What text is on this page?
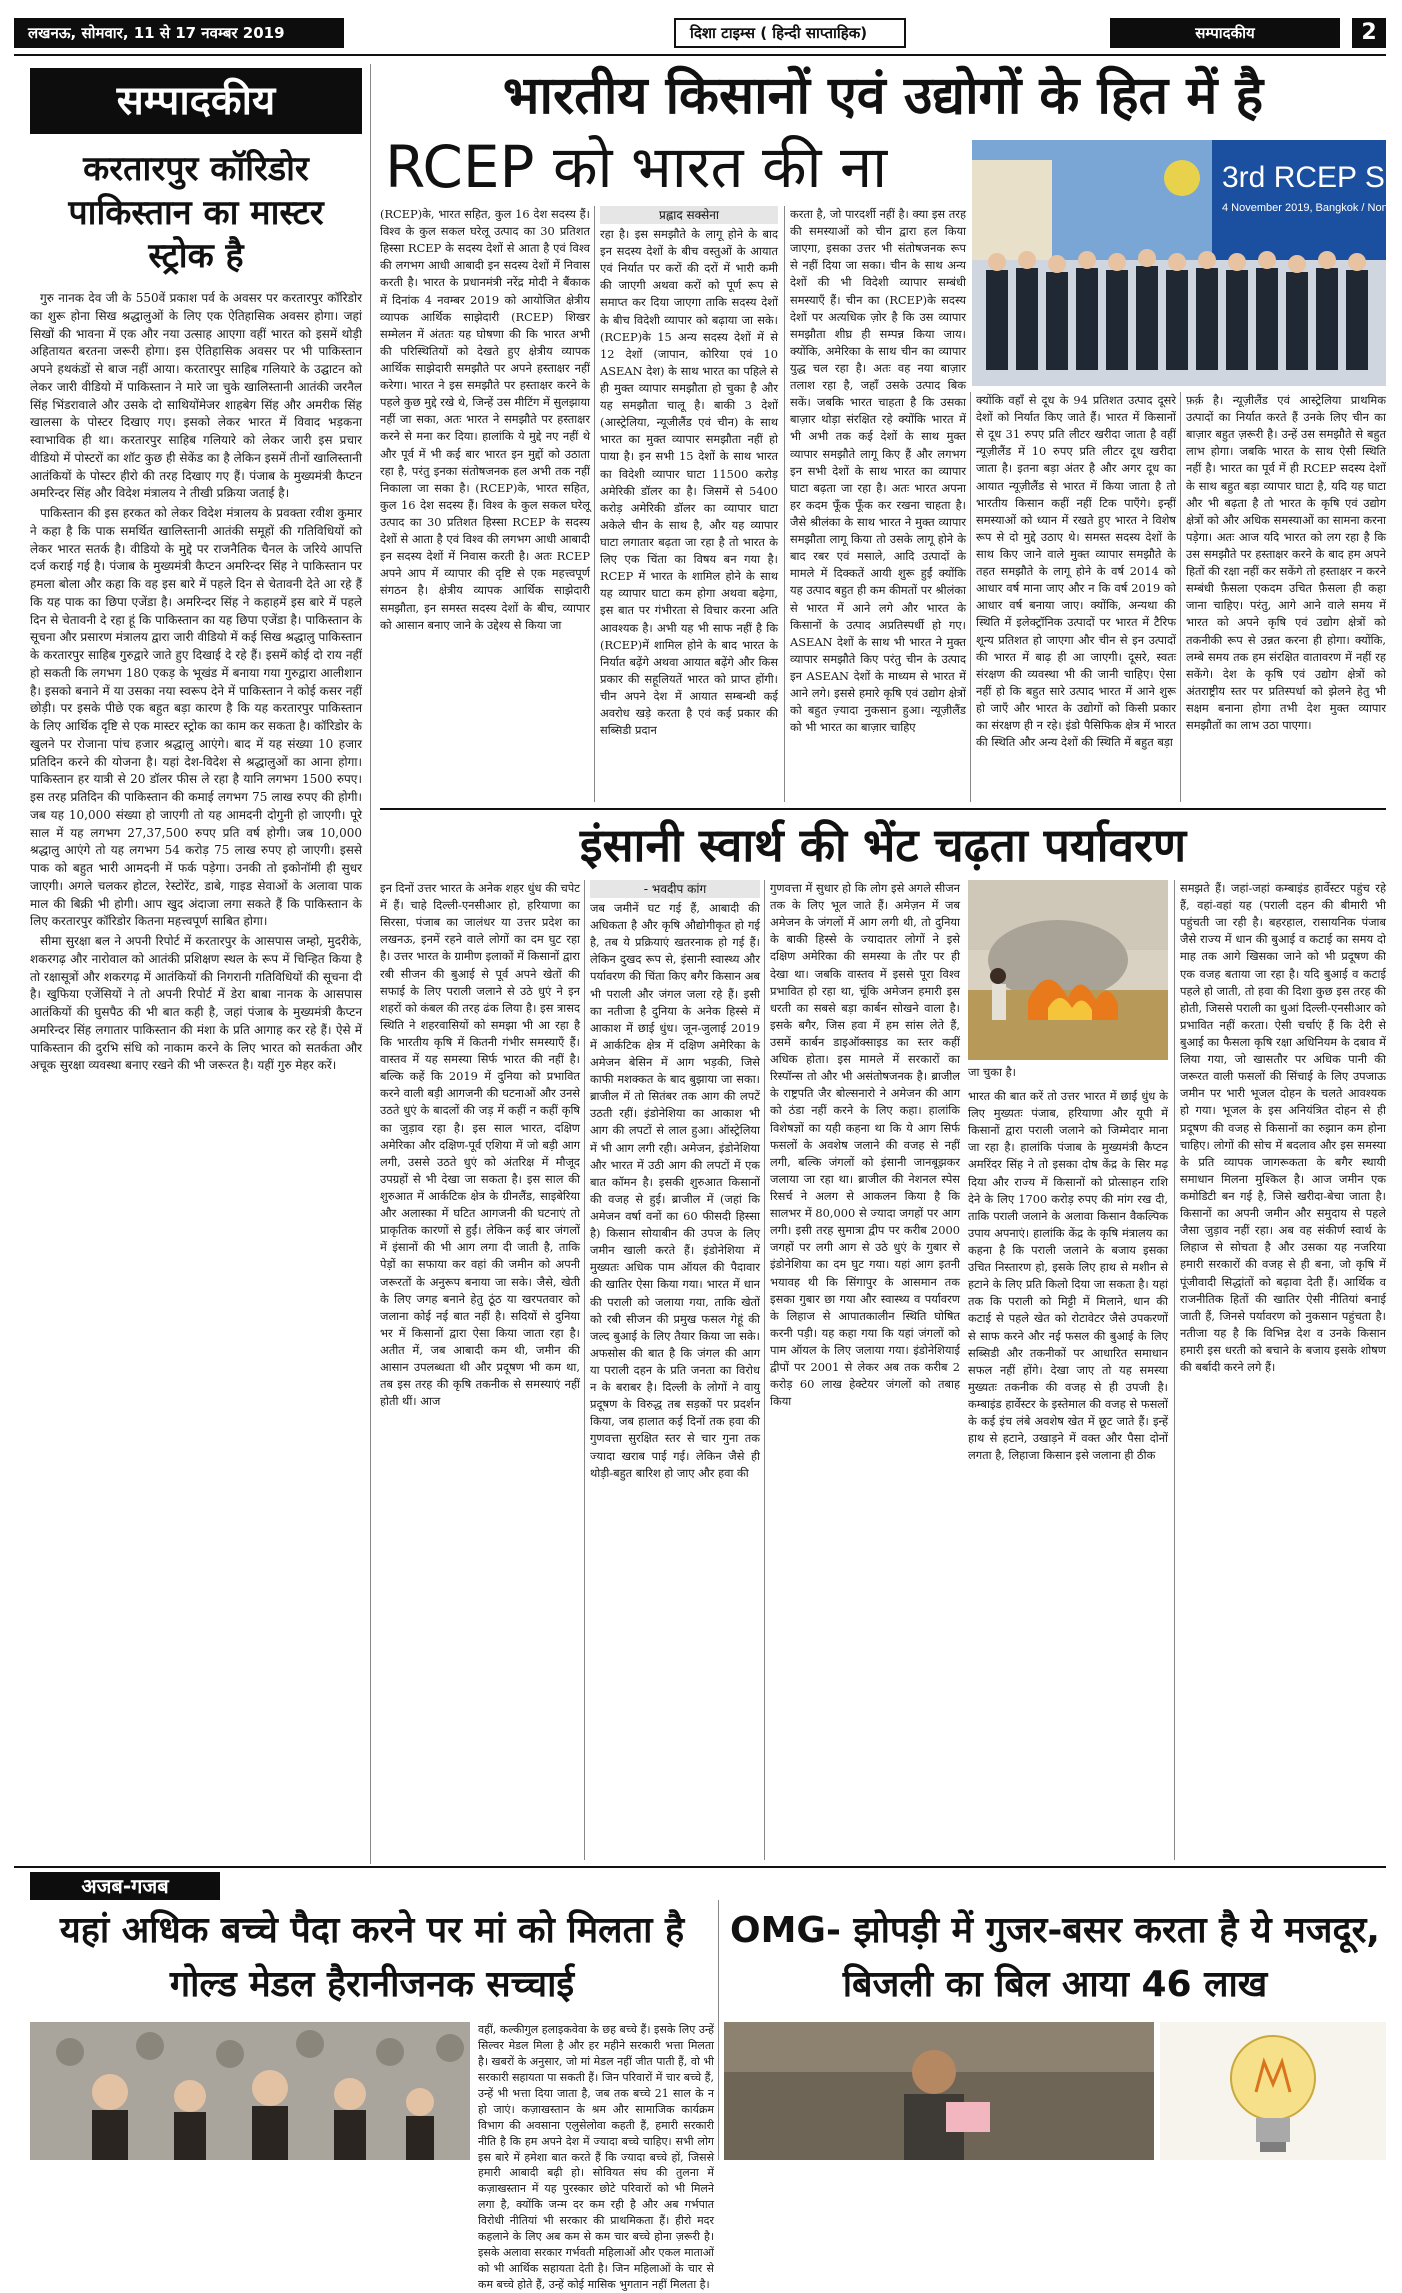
लखनऊ, सोमवार, 11 से 17 नवम्बर 2019	दिशा टाइम्स ( हिन्दी साप्ताहिक)	सम्पादकीय	2
सम्पादकीय
करतारपुर कॉरिडोर पाकिस्तान का मास्टर स्ट्रोक है

गुरु नानक देव जी के 550वें प्रकाश पर्व के अवसर पर करतारपुर कॉरिडोर का शुरू होना सिख श्रद्धालुओं के लिए एक ऐतिहासिक अवसर होगा। जहां सिखों की भावना में एक और नया उत्साह आएगा वहीं भारत को इसमें थोड़ी अहितायत बरतना जरूरी होगा। इस ऐतिहासिक अवसर पर भी पाकिस्तान अपने हथकंडों से बाज नहीं आया। करतारपुर साहिब गलियारे के उद्घाटन को लेकर जारी वीडियो में पाकिस्तान ने मारे जा चुके खालिस्तानी आतंकी जरनैल सिंह भिंडरावाले और उसके दो साथियोंमेजर शाहबेग सिंह और अमरीक सिंह खालसा के पोस्टर दिखाए गए। इसको लेकर भारत में विवाद भड़कना स्वाभाविक ही था। करतारपुर साहिब गलियारे को लेकर जारी इस प्रचार वीडियो में पोस्टरों का शॉट कुछ ही सेकेंड का है लेकिन इसमें तीनों खालिस्तानी आतंकियों के पोस्टर हीरो की तरह दिखाए गए हैं। पंजाब के मुख्यमंत्री कैप्टन अमरिन्दर सिंह और विदेश मंत्रालय ने तीखी प्रक्रिया जताई है।

पाकिस्तान की इस हरकत को लेकर विदेश मंत्रालय के प्रवक्ता रवीश कुमार ने कहा है कि पाक समर्थित खालिस्तानी आतंकी समूहों की गतिविधियों को लेकर भारत सतर्क है। वीडियो के मुद्दे पर राजनैतिक चैनल के जरिये आपत्ति दर्ज कराई गई है। पंजाब के मुख्यमंत्री कैप्टन अमरिन्दर सिंह ने पाकिस्तान पर हमला बोला और कहा कि वह इस बारे में पहले दिन से चेतावनी देते आ रहे हैं कि यह पाक का छिपा एजेंडा है। अमरिन्दर सिंह ने कहाहमें इस बारे में पहले दिन से चेतावनी दे रहा हूं कि पाकिस्तान का यह छिपा एजेंडा है। पाकिस्तान के सूचना और प्रसारण मंत्रालय द्वारा जारी वीडियो में कई सिख श्रद्धालु पाकिस्तान के करतारपुर साहिब गुरुद्वारे जाते हुए दिखाई दे रहे हैं। इसमें कोई दो राय नहीं हो सकती कि लगभग 180 एकड़ के भूखंड में बनाया गया गुरुद्वारा आलीशान है। इसको बनाने में या उसका नया स्वरूप देने में पाकिस्तान ने कोई कसर नहीं छोड़ी। पर इसके पीछे एक बहुत बड़ा कारण है कि यह करतारपुर पाकिस्तान के लिए आर्थिक दृष्टि से एक मास्टर स्ट्रोक का काम कर सकता है। कॉरिडोर के खुलने पर रोजाना पांच हजार श्रद्धालु आएंगे। बाद में यह संख्या 10 हजार प्रतिदिन करने की योजना है। यहां देश-विदेश से श्रद्धालुओं का आना होगा। पाकिस्तान हर यात्री से 20 डॉलर फीस ले रहा है यानि लगभग 1500 रुपए। इस तरह प्रतिदिन की पाकिस्तान की कमाई लगभग 75 लाख रुपए की होगी। जब यह 10,000 संख्या हो जाएगी तो यह आमदनी दोगुनी हो जाएगी। पूरे साल में यह लगभग 27,37,500 रुपए प्रति वर्ष होगी। जब 10,000 श्रद्धालु आएंगे तो यह लगभग 54 करोड़ 75 लाख रुपए हो जाएगी। इससे पाक को बहुत भारी आमदनी में फर्क पड़ेगा। उनकी तो इकोनॉमी ही सुधर जाएगी। अगले चलकर होटल, रेस्टोरेंट, डाबे, गाइड सेवाओं के अलावा पाक माल की बिक्री भी होगी। आप खुद अंदाजा लगा सकते हैं कि पाकिस्तान के लिए करतारपुर कॉरिडोर कितना महत्त्वपूर्ण साबित होगा।

सीमा सुरक्षा बल ने अपनी रिपोर्ट में करतारपुर के आसपास जम्हो, मुदरीके, शकरगढ़ और नारोवाल को आतंकी प्रशिक्षण स्थल के रूप में चिन्हित किया है तो रक्षासूत्रों और शकरगढ़ में आतंकियों की निगरानी गतिविधियों की सूचना दी है। खुफिया एजेंसियों ने तो अपनी रिपोर्ट में डेरा बाबा नानक के आसपास आतंकियों की घुसपैठ की भी बात कही है, जहां पंजाब के मुख्यमंत्री कैप्टन अमरिन्दर सिंह लगातार पाकिस्तान की मंशा के प्रति आगाह कर रहे हैं। ऐसे में पाकिस्तान की दुरभि संधि को नाकाम करने के लिए भारत को सतर्कता और अचूक सुरक्षा व्यवस्था बनाए रखने की भी जरूरत है। यहीं गुरु मेहर करें।

भारतीय किसानों एवं उद्योगों के हित में है
RCEP को भारत की ना	3rd RCEP Su
4 November 2019, Bangkok / Non
(RCEP)के, भारत सहित, कुल 16 देश सदस्य हैं। विश्व के कुल सकल घरेलू उत्पाद का 30 प्रतिशत हिस्सा RCEP के सदस्य देशों से आता है एवं विश्व की लगभग आधी आबादी इन सदस्य देशों में निवास करती है। भारत के प्रधानमंत्री नरेंद्र मोदी ने बैंकाक में दिनांक 4 नवम्बर 2019 को आयोजित क्षेत्रीय व्यापक आर्थिक साझेदारी (RCEP) शिखर सम्मेलन में अंततः यह घोषणा की कि भारत अभी की परिस्थितियों को देखते हुए क्षेत्रीय व्यापक आर्थिक साझेदारी समझौते पर अपने हस्ताक्षर नहीं करेगा। भारत ने इस समझौते पर हस्ताक्षर करने के पहले कुछ मुद्दे रखे थे, जिन्हें उस मीटिंग में सुलझाया नहीं जा सका, अतः भारत ने समझौते पर हस्ताक्षर करने से मना कर दिया। हालांकि ये मुद्दे नए नहीं थे और पूर्व में भी कई बार भारत इन मुद्दों को उठाता रहा है, परंतु इनका संतोषजनक हल अभी तक नहीं निकाला जा सका है। (RCEP)के, भारत सहित, कुल 16 देश सदस्य हैं। विश्व के कुल सकल घरेलू उत्पाद का 30 प्रतिशत हिस्सा RCEP के सदस्य देशों से आता है एवं विश्व की लगभग आधी आबादी इन सदस्य देशों में निवास करती है। अतः RCEP अपने आप में व्यापार की दृष्टि से एक महत्त्वपूर्ण संगठन है। क्षेत्रीय व्यापक आर्थिक साझेदारी समझौता, इन समस्त सदस्य देशों के बीच, व्यापार को आसान बनाए जाने के उद्देश्य से किया जा
प्रह्लाद सक्सेना
रहा है। इस समझौते के लागू होने के बाद इन सदस्य देशों के बीच वस्तुओं के आयात एवं निर्यात पर करों की दरों में भारी कमी की जाएगी अथवा करों को पूर्ण रूप से समाप्त कर दिया जाएगा ताकि सदस्य देशों के बीच विदेशी व्यापार को बढ़ाया जा सके। (RCEP)के 15 अन्य सदस्य देशों में से 12 देशों (जापान, कोरिया एवं 10 ASEAN देश) के साथ भारत का पहिले से ही मुक्त व्यापार समझौता हो चुका है और यह समझौता चालू है। बाकी 3 देशों (आस्ट्रेलिया, न्यूजीलैंड एवं चीन) के साथ भारत का मुक्त व्यापार समझौता नहीं हो पाया है। इन सभी 15 देशों के साथ भारत का विदेशी व्यापार घाटा 11500 करोड़ अमेरिकी डॉलर का है। जिसमें से 5400 करोड़ अमेरिकी डॉलर का व्यापार घाटा अकेले चीन के साथ है, और यह व्यापार घाटा लगातार बढ़ता जा रहा है तो भारत के लिए एक चिंता का विषय बन गया है। RCEP में भारत के शामिल होने के साथ यह व्यापार घाटा कम होगा अथवा बढ़ेगा, इस बात पर गंभीरता से विचार करना अति आवश्यक है। अभी यह भी साफ नहीं है कि (RCEP)में शामिल होने के बाद भारत के निर्यात बढ़ेंगे अथवा आयात बढ़ेंगे और किस प्रकार की सहूलियतें भारत को प्राप्त होंगी। चीन अपने देश में आयात सम्बन्धी कई अवरोध खड़े करता है एवं कई प्रकार की सब्सिडी प्रदान
करता है, जो पारदर्शी नहीं है। क्या इस तरह की समस्याओं को चीन द्वारा हल किया जाएगा, इसका उत्तर भी संतोषजनक रूप से नहीं दिया जा सका। चीन के साथ अन्य देशों की भी विदेशी व्यापार सम्बंधी समस्याएँ हैं। चीन का (RCEP)के सदस्य देशों पर अत्यधिक ज़ोर है कि उस व्यापार समझौता शीघ्र ही सम्पन्न किया जाय। क्योंकि, अमेरिका के साथ चीन का व्यापार युद्ध चल रहा है। अतः वह नया बाज़ार तलाश रहा है, जहाँ उसके उत्पाद बिक सकें। जबकि भारत चाहता है कि उसका बाज़ार थोड़ा संरक्षित रहे क्योंकि भारत में भी अभी तक कई देशों के साथ मुक्त व्यापार समझौते लागू किए हैं और लगभग इन सभी देशों के साथ भारत का व्यापार घाटा बढ़ता जा रहा है। अतः भारत अपना हर कदम फूँक फूँक कर रखना चाहता है। जैसे श्रीलंका के साथ भारत ने मुक्त व्यापार समझौता लागू किया तो उसके लागू होने के बाद रबर एवं मसाले, आदि उत्पादों के मामले में दिक्कतें आयी शुरू हुईं क्योंकि यह उत्पाद बहुत ही कम कीमतों पर श्रीलंका से भारत में आने लगे और भारत के किसानों के उत्पाद अप्रतिस्पर्धी हो गए। ASEAN देशों के साथ भी भारत ने मुक्त व्यापार समझौते किए परंतु चीन के उत्पाद इन ASEAN देशों के माध्यम से भारत में आने लगे। इससे हमारे कृषि एवं उद्योग क्षेत्रों को बहुत ज़्यादा नुकसान हुआ। न्यूज़ीलैंड को भी भारत का बाज़ार चाहिए
क्योंकि वहाँ से दूध के 94 प्रतिशत उत्पाद दूसरे देशों को निर्यात किए जाते हैं। भारत में किसानों से दूध 31 रुपए प्रति लीटर खरीदा जाता है वहीं न्यूज़ीलैंड में 10 रुपए प्रति लीटर दूध खरीदा जाता है। इतना बड़ा अंतर है और अगर दूध का आयात न्यूज़ीलैंड से भारत में किया जाता है तो भारतीय किसान कहीं नहीं टिक पाएँगे। इन्हीं समस्याओं को ध्यान में रखते हुए भारत ने विशेष रूप से दो मुद्दे उठाए थे। समस्त सदस्य देशों के साथ किए जाने वाले मुक्त व्यापार समझौते के तहत समझौते के लागू होने के वर्ष 2014 को आधार वर्ष माना जाए और न कि वर्ष 2019 को आधार वर्ष बनाया जाए। क्योंकि, अन्यथा की स्थिति में इलेक्ट्रॉनिक उत्पादों पर भारत में टैरिफ शून्य प्रतिशत हो जाएगा और चीन से इन उत्पादों की भारत में बाढ़ ही आ जाएगी। दूसरे, स्वतः संरक्षण की व्यवस्था भी की जानी चाहिए। ऐसा नहीं हो कि बहुत सारे उत्पाद भारत में आने शुरू हो जाएँ और भारत के उद्योगों को किसी प्रकार का संरक्षण ही न रहे। इंडो पैसिफिक क्षेत्र में भारत की स्थिति और अन्य देशों की स्थिति में बहुत बड़ा
फ़र्क़ है। न्यूज़ीलैंड एवं आस्ट्रेलिया प्राथमिक उत्पादों का निर्यात करते हैं उनके लिए चीन का बाज़ार बहुत ज़रूरी है। उन्हें उस समझौते से बहुत लाभ होगा। जबकि भारत के साथ ऐसी स्थिति नहीं है। भारत का पूर्व में ही RCEP सदस्य देशों के साथ बहुत बड़ा व्यापार घाटा है, यदि यह घाटा और भी बढ़ता है तो भारत के कृषि एवं उद्योग क्षेत्रों को और अधिक समस्याओं का सामना करना पड़ेगा। अतः आज यदि भारत को लग रहा है कि उस समझौते पर हस्ताक्षर करने के बाद हम अपने हितों की रक्षा नहीं कर सकेंगे तो हस्ताक्षर न करने सम्बंधी फ़ैसला एकदम उचित फ़ैसला ही कहा जाना चाहिए। परंतु, आगे आने वाले समय में भारत को अपने कृषि एवं उद्योग क्षेत्रों को तकनीकी रूप से उन्नत करना ही होगा। क्योंकि, लम्बे समय तक हम संरक्षित वातावरण में नहीं रह सकेंगे। देश के कृषि एवं उद्योग क्षेत्रों को अंतराष्ट्रीय स्तर पर प्रतिस्पर्धा को झेलने हेतु भी सक्षम बनाना होगा तभी देश मुक्त व्यापार समझौतों का लाभ उठा पाएगा।
इंसानी स्वार्थ की भेंट चढ़ता पर्यावरण
इन दिनों उत्तर भारत के अनेक शहर धुंध की चपेट में हैं। चाहे दिल्ली-एनसीआर हो, हरियाणा का सिरसा, पंजाब का जालंधर या उत्तर प्रदेश का लखनऊ, इनमें रहने वाले लोगों का दम घुट रहा है। उत्तर भारत के ग्रामीण इलाकों में किसानों द्वारा रबी सीजन की बुआई से पूर्व अपने खेतों की सफाई के लिए पराली जलाने से उठे धुएं ने इन शहरों को कंबल की तरह ढंक लिया है। इस त्रासद स्थिति ने शहरवासियों को समझा भी आ रहा है कि भारतीय कृषि में कितनी गंभीर समस्याएँ हैं। वास्तव में यह समस्या सिर्फ भारत की नहीं है। बल्कि कहें कि 2019 में दुनिया को प्रभावित करने वाली बड़ी आगजनी की घटनाओं और उनसे उठते धुएं के बादलों की जड़ में कहीं न कहीं कृषि का जुड़ाव रहा है। इस साल भारत, दक्षिण अमेरिका और दक्षिण-पूर्व एशिया में जो बड़ी आग लगी, उससे उठते धुएं को अंतरिक्ष में मौजूद उपग्रहों से भी देखा जा सकता है। इस साल की शुरुआत में आर्कटिक क्षेत्र के ग्रीनलैंड, साइबेरिया और अलास्का में घटित आगजनी की घटनाएं तो प्राकृतिक कारणों से हुईं। लेकिन कई बार जंगलों में इंसानों की भी आग लगा दी जाती है, ताकि पेड़ों का सफाया कर वहां की जमीन को अपनी जरूरतों के अनुरूप बनाया जा सके। जैसे, खेती के लिए जगह बनाने हेतु ठूंठ या खरपतवार को जलाना कोई नई बात नहीं है। सदियों से दुनिया भर में किसानों द्वारा ऐसा किया जाता रहा है। अतीत में, जब आबादी कम थी, जमीन की आसान उपलब्धता थी और प्रदूषण भी कम था, तब इस तरह की कृषि तकनीक से समस्याएं नहीं होती थीं। आज
- भवदीप कांग
जब जमीनें घट गई हैं, आबादी की अधिकता है और कृषि औद्योगीकृत हो गई है, तब ये प्रक्रियाएं खतरनाक हो गई हैं। लेकिन दुखद रूप से, इंसानी स्वास्थ्य और पर्यावरण की चिंता किए बगैर किसान अब भी पराली और जंगल जला रहे हैं। इसी का नतीजा है दुनिया के अनेक हिस्से में आकाश में छाई धुंध। जून-जुलाई 2019 में आर्कटिक क्षेत्र में दक्षिण अमेरिका के अमेजन बेसिन में आग भड़की, जिसे काफी मशक्कत के बाद बुझाया जा सका। ब्राजील में तो सितंबर तक आग की लपटें उठती रहीं। इंडोनेशिया का आकाश भी आग की लपटों से लाल हुआ। ऑस्ट्रेलिया में भी आग लगी रही। अमेजन, इंडोनेशिया और भारत में उठी आग की लपटों में एक बात कॉमन है। इसकी शुरुआत किसानों की वजह से हुई। ब्राजील में (जहां कि अमेजन वर्षा वनों का 60 फीसदी हिस्सा है) किसान सोयाबीन की उपज के लिए जमीन खाली करते हैं। इंडोनेशिया में मुख्यतः अधिक पाम ऑयल की पैदावार की खातिर ऐसा किया गया। भारत में धान की पराली को जलाया गया, ताकि खेतों को रबी सीजन की प्रमुख फसल गेहूं की जल्द बुआई के लिए तैयार किया जा सके। अफसोस की बात है कि जंगल की आग या पराली दहन के प्रति जनता का विरोध न के बराबर है। दिल्ली के लोगों ने वायु प्रदूषण के विरुद्ध तब सड़कों पर प्रदर्शन किया, जब हालात कई दिनों तक हवा की गुणवत्ता सुरक्षित स्तर से चार गुना तक ज्यादा खराब पाई गई। लेकिन जैसे ही थोड़ी-बहुत बारिश हो जाए और हवा की
गुणवत्ता में सुधार हो कि लोग इसे अगले सीजन तक के लिए भूल जाते हैं। अमेज़न में जब अमेजन के जंगलों में आग लगी थी, तो दुनिया के बाकी हिस्से के ज्यादातर लोगों ने इसे दक्षिण अमेरिका की समस्या के तौर पर ही देखा था। जबकि वास्तव में इससे पूरा विश्व प्रभावित हो रहा था, चूंकि अमेजन हमारी इस धरती का सबसे बड़ा कार्बन सोखने वाला है। इसके बगैर, जिस हवा में हम सांस लेते हैं, उसमें कार्बन डाइऑक्साइड का स्तर कहीं अधिक होता। इस मामले में सरकारों का रिस्पॉन्स तो और भी असंतोषजनक है। ब्राजील के राष्ट्रपति जैर बोल्सनारो ने अमेजन की आग को ठंडा नहीं करने के लिए कहा। हालांकि विशेषज्ञों का यही कहना था कि ये आग सिर्फ फसलों के अवशेष जलाने की वजह से नहीं लगी, बल्कि जंगलों को इंसानी जानबूझकर जलाया जा रहा था। ब्राजील की नेशनल स्पेस रिसर्च ने अलग से आकलन किया है कि सालभर में 80,000 से ज्यादा जगहों पर आग लगी। इसी तरह सुमात्रा द्वीप पर करीब 2000 जगहों पर लगी आग से उठे धुएं के गुबार से इंडोनेशिया का दम घुट गया। यहां आग इतनी भयावह थी कि सिंगापुर के आसमान तक इसका गुबार छा गया और स्वास्थ्य व पर्यावरण के लिहाज से आपातकालीन स्थिति घोषित करनी पड़ी। यह कहा गया कि यहां जंगलों को पाम ऑयल के लिए जलाया गया। इंडोनेशियाई द्वीपों पर 2001 से लेकर अब तक करीब 2 करोड़ 60 लाख हेक्टेयर जंगलों को तबाह किया
जा चुका है।
भारत की बात करें तो उत्तर भारत में छाई धुंध के लिए मुख्यतः पंजाब, हरियाणा और यूपी में किसानों द्वारा पराली जलाने को जिम्मेदार माना जा रहा है। हालांकि पंजाब के मुख्यमंत्री कैप्टन अमरिंदर सिंह ने तो इसका दोष केंद्र के सिर मढ़ दिया और राज्य में किसानों को प्रोत्साहन राशि देने के लिए 1700 करोड़ रुपए की मांग रख दी, ताकि पराली जलाने के अलावा किसान वैकल्पिक उपाय अपनाएं। हालांकि केंद्र के कृषि मंत्रालय का कहना है कि पराली जलाने के बजाय इसका उचित निस्तारण हो, इसके लिए हाथ से मशीन से हटाने के लिए प्रति किलो दिया जा सकता है। यहां तक कि पराली को मिट्टी में मिलाने, धान की कटाई से पहले खेत को रोटावेटर जैसे उपकरणों से साफ करने और नई फसल की बुआई के लिए सब्सिडी और तकनीकों पर आधारित समाधान सफल नहीं होंगे। देखा जाए तो यह समस्या मुख्यतः तकनीक की वजह से ही उपजी है। कम्बाइंड हार्वेस्टर के इस्तेमाल की वजह से फसलों के कई इंच लंबे अवशेष खेत में छूट जाते हैं। इन्हें हाथ से हटाने, उखाड़ने में वक्त और पैसा दोनों लगता है, लिहाजा किसान इसे जलाना ही ठीक
समझते हैं। जहां-जहां कम्बाइंड हार्वेस्टर पहुंच रहे हैं, वहां-वहां यह (पराली दहन की बीमारी भी पहुंचती जा रही है। बहरहाल, रासायनिक पंजाब जैसे राज्य में धान की बुआई व कटाई का समय दो माह तक आगे खिसका जाने को भी प्रदूषण की एक वजह बताया जा रहा है। यदि बुआई व कटाई पहले हो जाती, तो हवा की दिशा कुछ इस तरह की होती, जिससे पराली का धुआं दिल्ली-एनसीआर को प्रभावित नहीं करता। ऐसी चर्चाएं हैं कि देरी से बुआई का फैसला कृषि रक्षा अधिनियम के दबाव में लिया गया, जो खासतौर पर अधिक पानी की जरूरत वाली फसलों की सिंचाई के लिए उपजाऊ जमीन पर भारी भूजल दोहन के चलते आवश्यक हो गया। भूजल के इस अनियंत्रित दोहन से ही प्रदूषण की वजह से किसानों का रुझान कम होना चाहिए। लोगों की सोच में बदलाव और इस समस्या के प्रति व्यापक जागरूकता के बगैर स्थायी समाधान मिलना मुश्किल है। आज जमीन एक कमोडिटी बन गई है, जिसे खरीदा-बेचा जाता है। किसानों का अपनी जमीन और समुदाय से पहले जैसा जुड़ाव नहीं रहा। अब वह संकीर्ण स्वार्थ के लिहाज से सोचता है और उसका यह नजरिया हमारी सरकारों की वजह से ही बना, जो कृषि में पूंजीवादी सिद्धांतों को बढ़ावा देती हैं। आर्थिक व राजनीतिक हितों की खातिर ऐसी नीतियां बनाई जाती हैं, जिनसे पर्यावरण को नुकसान पहुंचता है। नतीजा यह है कि विभिन्न देश व उनके किसान हमारी इस धरती को बचाने के बजाय इसके शोषण की बर्बादी करने लगे हैं।
अजब-गजब
यहां अधिक बच्चे पैदा करने पर मां को मिलता है गोल्ड मेडल हैरानीजनक सच्चाई
OMG- झोपड़ी में गुजर-बसर करता है ये मजदूर, बिजली का बिल आया 46 लाख
वहीं, कल्कीगुल हलाइकवेवा के छह बच्चे हैं। इसके लिए उन्हें सिल्वर मेडल मिला है और हर महीने सरकारी भत्ता मिलता है। खबरों के अनुसार, जो मां मेडल नहीं जीत पाती हैं, वो भी सरकारी सहायता पा सकती हैं। जिन परिवारों में चार बच्चे हैं, उन्हें भी भत्ता दिया जाता है, जब तक बच्चे 21 साल के न हो जाएं। कज़ाखस्तान के श्रम और सामाजिक कार्यक्रम विभाग की अवसाना एलुसेलोवा कहती हैं, हमारी सरकारी नीति है कि हम अपने देश में ज्यादा बच्चे चाहिए। सभी लोग इस बारे में हमेशा बात करते हैं कि ज्यादा बच्चे हों, जिससे हमारी आबादी बढ़ी हो। सोवियत संघ की तुलना में कज़ाखस्तान में यह पुरस्कार छोटे परिवारों को भी मिलने लगा है, क्योंकि जन्म दर कम रही है और अब गर्भपात विरोधी नीतियां भी सरकार की प्राथमिकता हैं। हीरो मदर कहलाने के लिए अब कम से कम चार बच्चे होना ज़रूरी है। इसके अलावा सरकार गर्भवती महिलाओं और एकल माताओं को भी आर्थिक सहायता देती है। जिन महिलाओं के चार से कम बच्चे होते हैं, उन्हें कोई मासिक भुगतान नहीं मिलता है।
